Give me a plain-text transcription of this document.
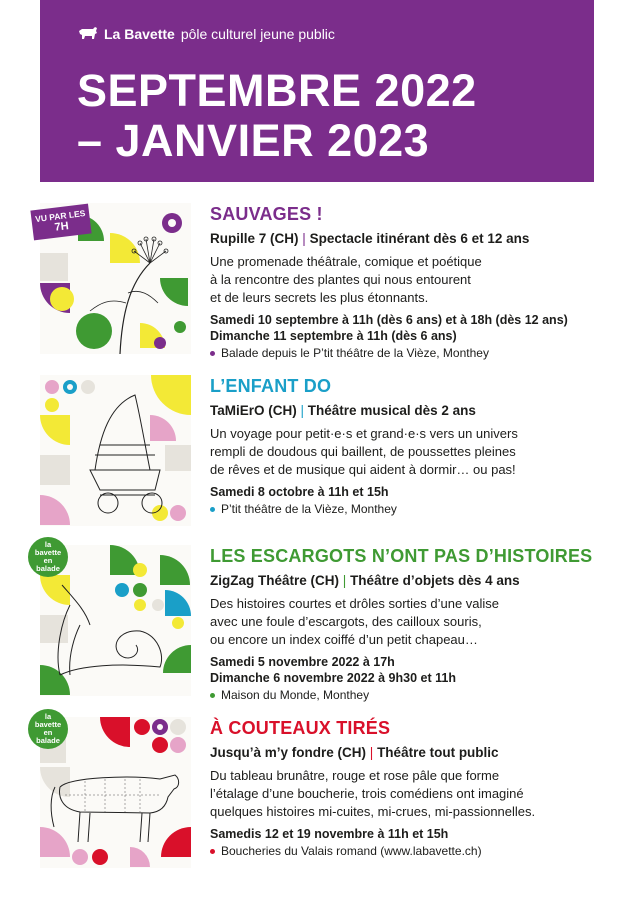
La Bavette pôle culturel jeune public
SEPTEMBRE 2022
– JANVIER 2023
VU PAR LES
7H
SAUVAGES !
Rupille 7 (CH) | Spectacle itinérant dès 6 et 12 ans
Une promenade théâtrale, comique et poétique
à la rencontre des plantes qui nous entourent
et de leurs secrets les plus étonnants.
Samedi 10 septembre à 11h (dès 6 ans) et à 18h (dès 12 ans)
Dimanche 11 septembre à 11h (dès 6 ans)
Balade depuis le P’tit théâtre de la Vièze, Monthey
L’ENFANT DO
TaMiErO (CH) | Théâtre musical dès 2 ans
Un voyage pour petit·e·s et grand·e·s vers un univers
rempli de doudous qui baillent, de poussettes pleines
de rêves et de musique qui aident à dormir… ou pas!
Samedi 8 octobre à 11h et 15h
P’tit théâtre de la Vièze, Monthey
la
bavette
en
balade
LES ESCARGOTS N’ONT PAS D’HISTOIRES
ZigZag Théâtre (CH) | Théâtre d’objets dès 4 ans
Des histoires courtes et drôles sorties d’une valise
avec une foule d’escargots, des cailloux souris,
ou encore un index coiffé d’un petit chapeau…
Samedi 5 novembre 2022 à 17h
Dimanche 6 novembre 2022 à 9h30 et 11h
Maison du Monde, Monthey
la
bavette
en
balade
À COUTEAUX TIRÉS
Jusqu’à m’y fondre (CH) | Théâtre tout public
Du tableau brunâtre, rouge et rose pâle que forme
l’étalage d’une boucherie, trois comédiens ont imaginé
quelques histoires mi-cuites, mi-crues, mi-passionnelles.
Samedis 12 et 19 novembre à 11h et 15h
Boucheries du Valais romand (www.labavette.ch)
